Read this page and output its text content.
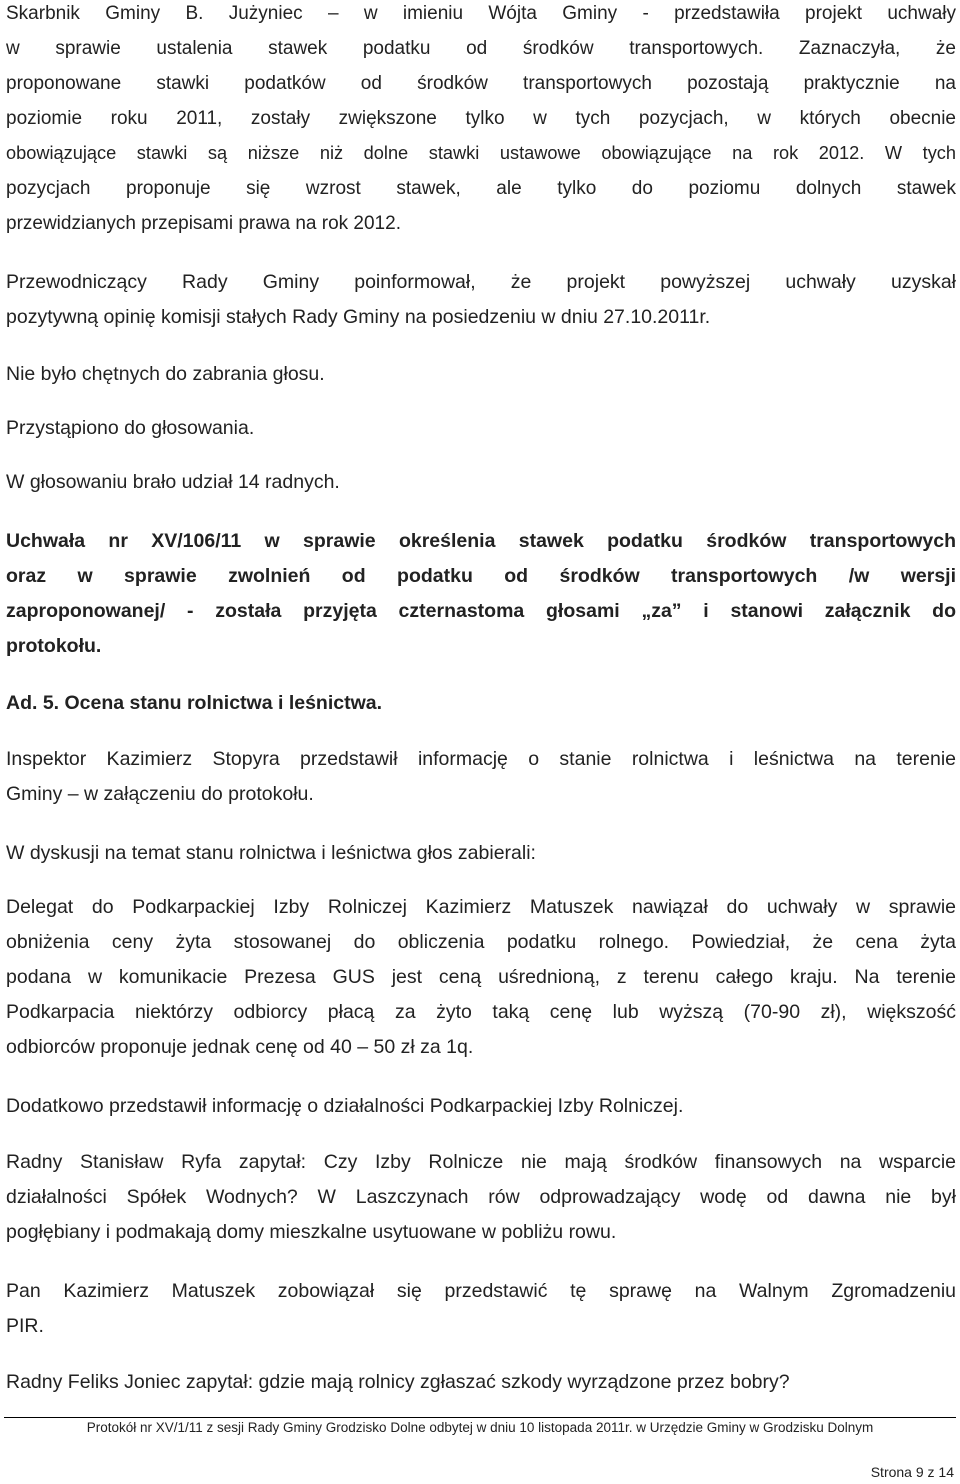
Skarbnik Gminy B. Jużyniec – w imieniu Wójta Gminy - przedstawiła projekt uchwały
w sprawie ustalenia stawek podatku od środków transportowych. Zaznaczyła, że
proponowane stawki podatków od środków transportowych pozostają praktycznie na
poziomie roku 2011, zostały zwiększone tylko w tych pozycjach, w których obecnie
obowiązujące stawki są niższe niż dolne stawki ustawowe obowiązujące na rok 2012. W tych
pozycjach proponuje się wzrost stawek, ale tylko do poziomu dolnych stawek
przewidzianych przepisami prawa na rok 2012.
Przewodniczący Rady Gminy poinformował, że projekt powyższej uchwały uzyskał
pozytywną opinię komisji stałych Rady Gminy na posiedzeniu w dniu 27.10.2011r.
Nie było chętnych do zabrania głosu.
Przystąpiono do głosowania.
W głosowaniu brało udział 14 radnych.
Uchwała nr XV/106/11 w sprawie określenia stawek podatku środków transportowych
oraz w sprawie zwolnień od podatku od środków transportowych /w wersji
zaproponowanej/ - została przyjęta czternastoma głosami „za” i stanowi załącznik do
protokołu.
Ad. 5. Ocena stanu rolnictwa i leśnictwa.
Inspektor Kazimierz Stopyra przedstawił informację o stanie rolnictwa i leśnictwa na terenie
Gminy – w załączeniu do protokołu.
W dyskusji na temat stanu rolnictwa i leśnictwa głos zabierali:
Delegat do Podkarpackiej Izby Rolniczej Kazimierz Matuszek nawiązał do uchwały w sprawie
obniżenia ceny żyta stosowanej do obliczenia podatku rolnego. Powiedział, że cena żyta
podana w komunikacie Prezesa GUS jest ceną uśrednioną, z terenu całego kraju. Na terenie
Podkarpacia niektórzy odbiorcy płacą za żyto taką cenę lub wyższą (70-90 zł), większość
odbiorców proponuje jednak cenę od 40 – 50 zł za 1q.
Dodatkowo przedstawił informację o działalności Podkarpackiej Izby Rolniczej.
Radny Stanisław Ryfa zapytał: Czy Izby Rolnicze nie mają środków finansowych na wsparcie
działalności Spółek Wodnych? W Laszczynach rów odprowadzający wodę od dawna nie był
pogłębiany i podmakają domy mieszkalne usytuowane w pobliżu rowu.
Pan Kazimierz Matuszek zobowiązał się przedstawić tę sprawę na Walnym Zgromadzeniu
PIR.
Radny Feliks Joniec zapytał: gdzie mają rolnicy zgłaszać szkody wyrządzone przez bobry?
Protokół nr XV/1/11 z sesji Rady Gminy Grodzisko Dolne odbytej w dniu 10 listopada 2011r. w Urzędzie Gminy w Grodzisku Dolnym
Strona 9 z 14
